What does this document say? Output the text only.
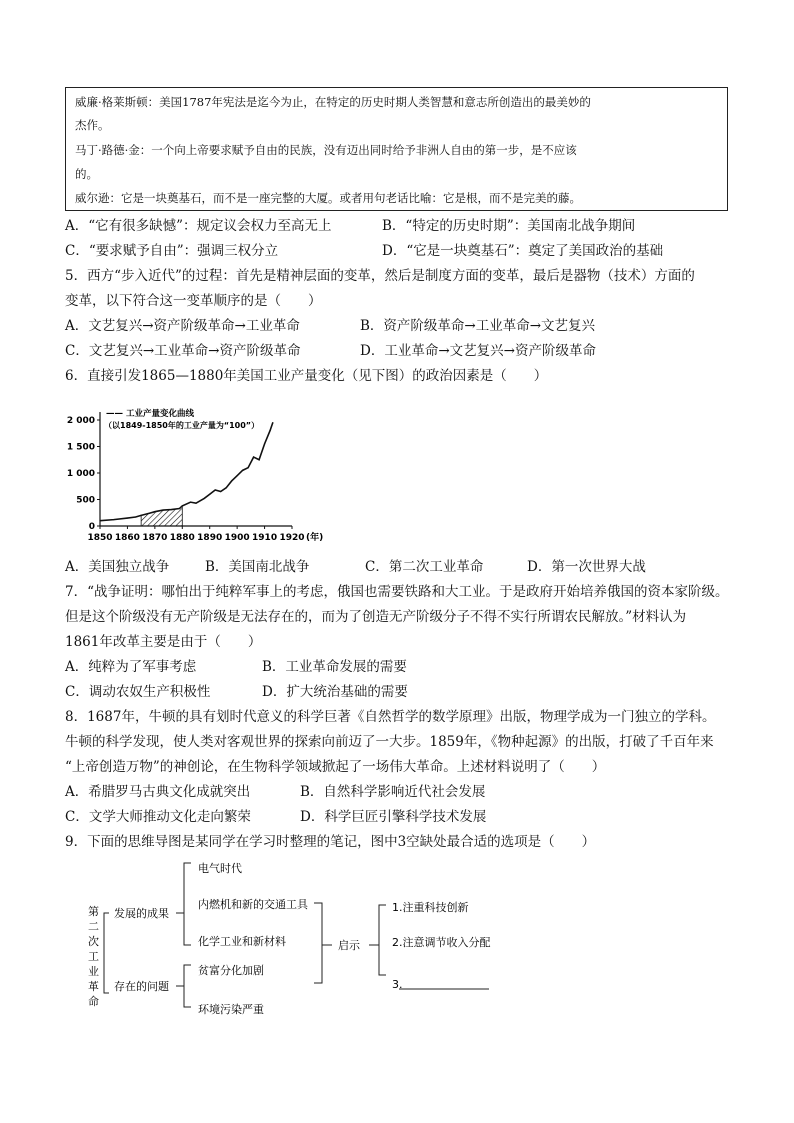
威廉·格莱斯顿：美国1787年宪法是迄今为止，在特定的历史时期人类智慧和意志所创造出的最美妙的
杰作。
马丁·路德·金：一个向上帝要求赋予自由的民族，没有迈出同时给予非洲人自由的第一步，是不应该
的。
威尔逊：它是一块奠基石，而不是一座完整的大厦。或者用句老话比喻：它是根，而不是完美的藤。
A．“它有很多缺憾”：规定议会权力至高无上	B．“特定的历史时期”：美国南北战争期间
C．“要求赋予自由”：强调三权分立	D．“它是一块奠基石”：奠定了美国政治的基础
5．西方“步入近代”的过程：首先是精神层面的变革，然后是制度方面的变革，最后是器物（技术）方面的
变革，以下符合这一变革顺序的是（　　）
A．文艺复兴→资产阶级革命→工业革命	B．资产阶级革命→工业革命→文艺复兴
C．文艺复兴→工业革命→资产阶级革命	D．工业革命→文艺复兴→资产阶级革命
6．直接引发1865—1880年美国工业产量变化（见下图）的政治因素是（　　）
0
500
1 000
1 500
2 000
1850 1860 1870 1880 1890 1900 1910 1920 (年)
—— 工业产量变化曲线
（以1849-1850年的工业产量为“100”）
A．美国独立战争	B．美国南北战争	C．第二次工业革命	D．第一次世界大战
7．“战争证明：哪怕出于纯粹军事上的考虑，俄国也需要铁路和大工业。于是政府开始培养俄国的资本家阶级。
但是这个阶级没有无产阶级是无法存在的，而为了创造无产阶级分子不得不实行所谓农民解放。”材料认为
1861年改革主要是由于（　　）
A．纯粹为了军事考虑	B．工业革命发展的需要
C．调动农奴生产积极性	D．扩大统治基础的需要
8．1687年，牛顿的具有划时代意义的科学巨著《自然哲学的数学原理》出版，物理学成为一门独立的学科。
牛顿的科学发现，使人类对客观世界的探索向前迈了一大步。1859年，《物种起源》的出版，打破了千百年来
“上帝创造万物”的神创论，在生物科学领域掀起了一场伟大革命。上述材料说明了（　　）
A．希腊罗马古典文化成就突出	B．自然科学影响近代社会发展
C．文学大师推动文化走向繁荣	D．科学巨匠引擎科学技术发展
9．下面的思维导图是某同学在学习时整理的笔记，图中3空缺处最合适的选项是（　　）
第
二
次
工
业
革
命
发展的成果
存在的问题
电气时代
内燃机和新的交通工具
化学工业和新材料
贫富分化加剧
环境污染严重
启示
1.注重科技创新
2.注意调节收入分配
3.
